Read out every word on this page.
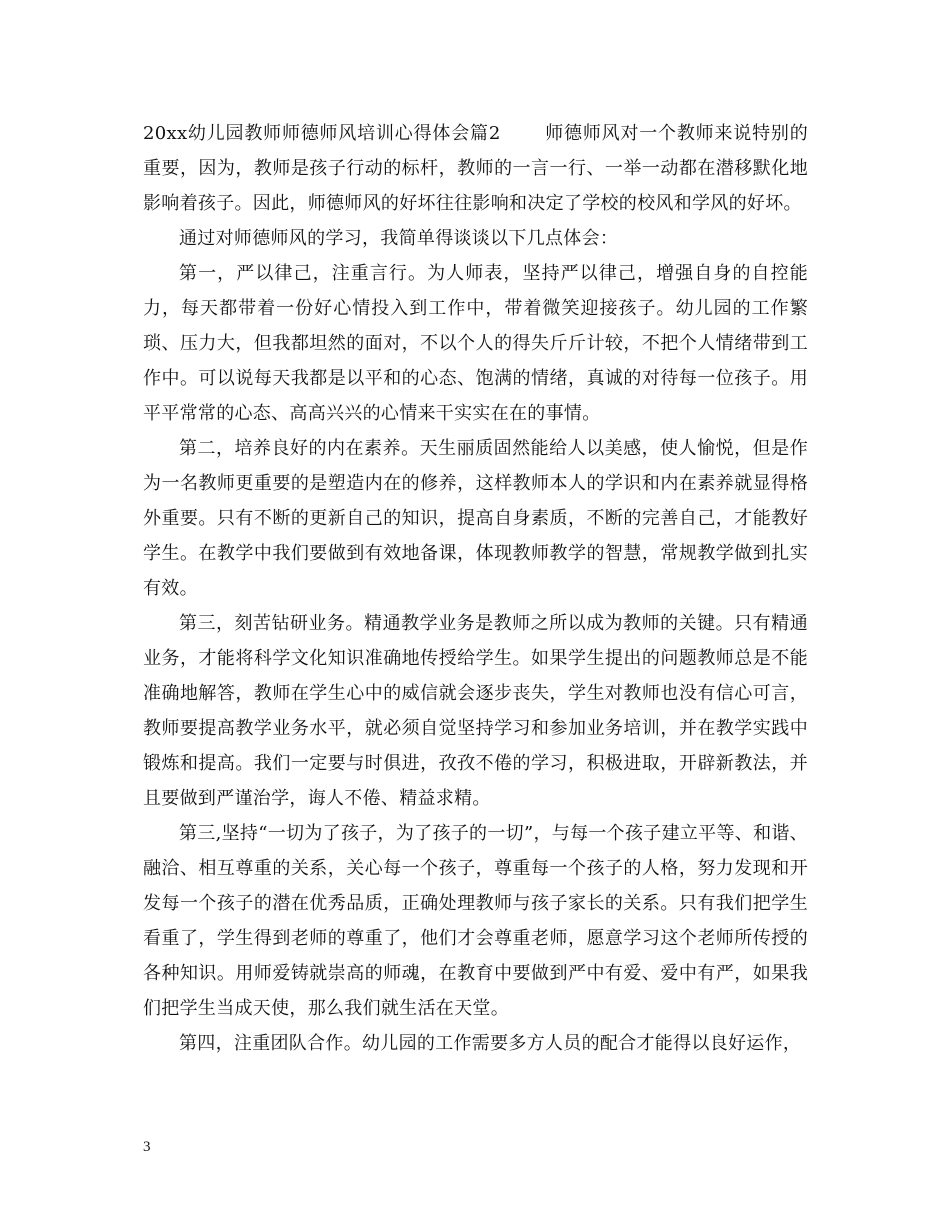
20xx幼儿园教师师德师风培训心得体会篇2　　 师德师风对一个教师来说特别的重要，因为，教师是孩子行动的标杆，教师的一言一行、一举一动都在潜移默化地影响着孩子。因此，师德师风的好坏往往影响和决定了学校的校风和学风的好坏。

通过对师德师风的学习，我简单得谈谈以下几点体会：

第一，严以律己，注重言行。为人师表，坚持严以律己，增强自身的自控能力，每天都带着一份好心情投入到工作中，带着微笑迎接孩子。幼儿园的工作繁琐、压力大，但我都坦然的面对，不以个人的得失斤斤计较，不把个人情绪带到工作中。可以说每天我都是以平和的心态、饱满的情绪，真诚的对待每一位孩子。用平平常常的心态、高高兴兴的心情来干实实在在的事情。

第二，培养良好的内在素养。天生丽质固然能给人以美感，使人愉悦，但是作为一名教师更重要的是塑造内在的修养，这样教师本人的学识和内在素养就显得格外重要。只有不断的更新自己的知识，提高自身素质，不断的完善自己，才能教好学生。在教学中我们要做到有效地备课，体现教师教学的智慧，常规教学做到扎实有效。

第三，刻苦钻研业务。精通教学业务是教师之所以成为教师的关键。只有精通业务，才能将科学文化知识准确地传授给学生。如果学生提出的问题教师总是不能准确地解答，教师在学生心中的威信就会逐步丧失，学生对教师也没有信心可言，教师要提高教学业务水平，就必须自觉坚持学习和参加业务培训，并在教学实践中锻炼和提高。我们一定要与时俱进，孜孜不倦的学习，积极进取，开辟新教法，并且要做到严谨治学，诲人不倦、精益求精。

第三,坚持“一切为了孩子，为了孩子的一切”，与每一个孩子建立平等、和谐、融洽、相互尊重的关系，关心每一个孩子，尊重每一个孩子的人格，努力发现和开发每一个孩子的潜在优秀品质，正确处理教师与孩子家长的关系。只有我们把学生看重了，学生得到老师的尊重了，他们才会尊重老师，愿意学习这个老师所传授的各种知识。用师爱铸就崇高的师魂，在教育中要做到严中有爱、爱中有严，如果我们把学生当成天使，那么我们就生活在天堂。

第四，注重团队合作。幼儿园的工作需要多方人员的配合才能得以良好运作，

3
